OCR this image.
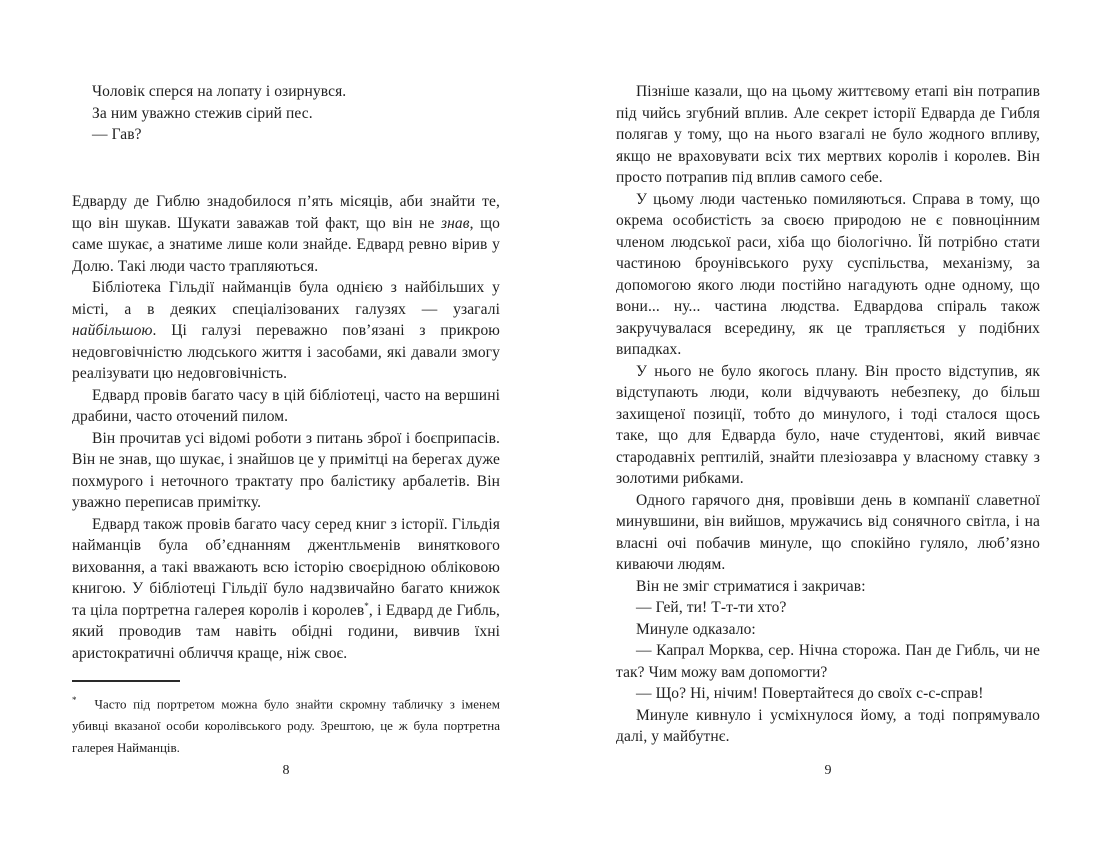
Чоловік сперся на лопату і озирнувся.

За ним уважно стежив сірий пес.

— Гав?

Едварду де Гиблю знадобилося п’ять місяців, аби знайти те, що він шукав. Шукати заважав той факт, що він не знав, що саме шукає, а знатиме лише коли знайде. Едвард ревно вірив у Долю. Такі люди часто трапляються.

Бібліотека Гільдії найманців була однією з найбільших у місті, а в деяких спеціалізованих галузях — узагалі найбільшою. Ці галузі переважно пов’язані з прикрою недовговічністю людського життя і засобами, які давали змогу реалізувати цю недовговічність.

Едвард провів багато часу в цій бібліотеці, часто на вершині драбини, часто оточений пилом.

Він прочитав усі відомі роботи з питань зброї і боєприпасів. Він не знав, що шукає, і знайшов це у примітці на берегах дуже похмурого і неточного трактату про балістику арбалетів. Він уважно переписав примітку.

Едвард також провів багато часу серед книг з історії. Гільдія найманців була об’єднанням джентльменів виняткового виховання, а такі вважають всю історію своєрідною обліковою книгою. У бібліотеці Гільдії було надзвичайно багато книжок та ціла портретна галерея королів і королев*, і Едвард де Гибль, який проводив там навіть обідні години, вивчив їхні аристократичні обличчя краще, ніж своє.

* Часто під портретом можна було знайти скромну табличку з іменем убивці вказаної особи королівського роду. Зрештою, це ж була портретна галерея Найманців.

8

Пізніше казали, що на цьому життєвому етапі він потрапив під чийсь згубний вплив. Але секрет історії Едварда де Гибля полягав у тому, що на нього взагалі не було жодного впливу, якщо не враховувати всіх тих мертвих королів і королев. Він просто потрапив під вплив самого себе.

У цьому люди частенько помиляються. Справа в тому, що окрема особистість за своєю природою не є повноцінним членом людської раси, хіба що біологічно. Їй потрібно стати частиною броунівського руху суспільства, механізму, за допомогою якого люди постійно нагадують одне одному, що вони... ну... частина людства. Едвардова спіраль також закручувалася всередину, як це трапляється у подібних випадках.

У нього не було якогось плану. Він просто відступив, як відступають люди, коли відчувають небезпеку, до більш захищеної позиції, тобто до минулого, і тоді сталося щось таке, що для Едварда було, наче студентові, який вивчає стародавніх рептилій, знайти плезіозавра у власному ставку з золотими рибками.

Одного гарячого дня, провівши день в компанії славетної минувшини, він вийшов, мружачись від сонячного світла, і на власні очі побачив минуле, що спокійно гуляло, люб’язно киваючи людям.

Він не зміг стриматися і закричав:

— Гей, ти! Т-т-ти хто?

Минуле одказало:

— Капрал Морква, сер. Нічна сторожа. Пан де Гибль, чи не так? Чим можу вам допомогти?

— Що? Ні, нічим! Повертайтеся до своїх с-с-справ!

Минуле кивнуло і усміхнулося йому, а тоді попрямувало далі, у майбутнє.

9
